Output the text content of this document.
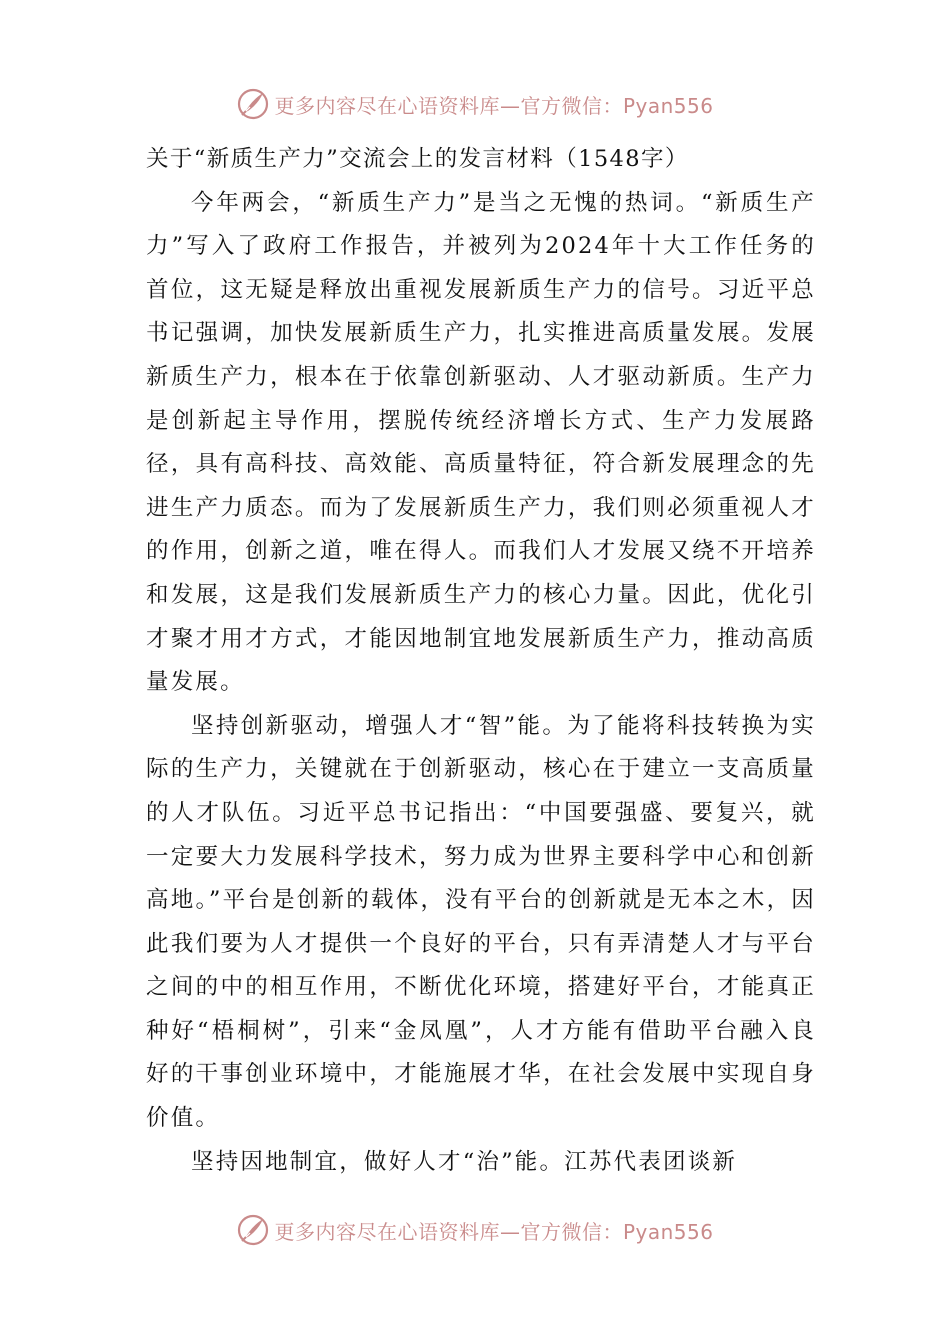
更多内容尽在心语资料库—官方微信：Pyan556

关于“新质生产力”交流会上的发言材料（1548字）

今年两会，“新质生产力”是当之无愧的热词。“新质生产力”写入了政府工作报告，并被列为2024年十大工作任务的首位，这无疑是释放出重视发展新质生产力的信号。习近平总书记强调，加快发展新质生产力，扎实推进高质量发展。发展新质生产力，根本在于依靠创新驱动、人才驱动新质。生产力是创新起主导作用，摆脱传统经济增长方式、生产力发展路径，具有高科技、高效能、高质量特征，符合新发展理念的先进生产力质态。而为了发展新质生产力，我们则必须重视人才的作用，创新之道，唯在得人。而我们人才发展又绕不开培养和发展，这是我们发展新质生产力的核心力量。因此，优化引才聚才用才方式，才能因地制宜地发展新质生产力，推动高质量发展。

坚持创新驱动，增强人才“智”能。为了能将科技转换为实际的生产力，关键就在于创新驱动，核心在于建立一支高质量的人才队伍。习近平总书记指出：“中国要强盛、要复兴，就一定要大力发展科学技术，努力成为世界主要科学中心和创新高地。”平台是创新的载体，没有平台的创新就是无本之木，因此我们要为人才提供一个良好的平台，只有弄清楚人才与平台之间的中的相互作用，不断优化环境，搭建好平台，才能真正种好“梧桐树”，引来“金凤凰”，人才方能有借助平台融入良好的干事创业环境中，才能施展才华，在社会发展中实现自身价值。

坚持因地制宜，做好人才“治”能。江苏代表团谈新

更多内容尽在心语资料库—官方微信：Pyan556
